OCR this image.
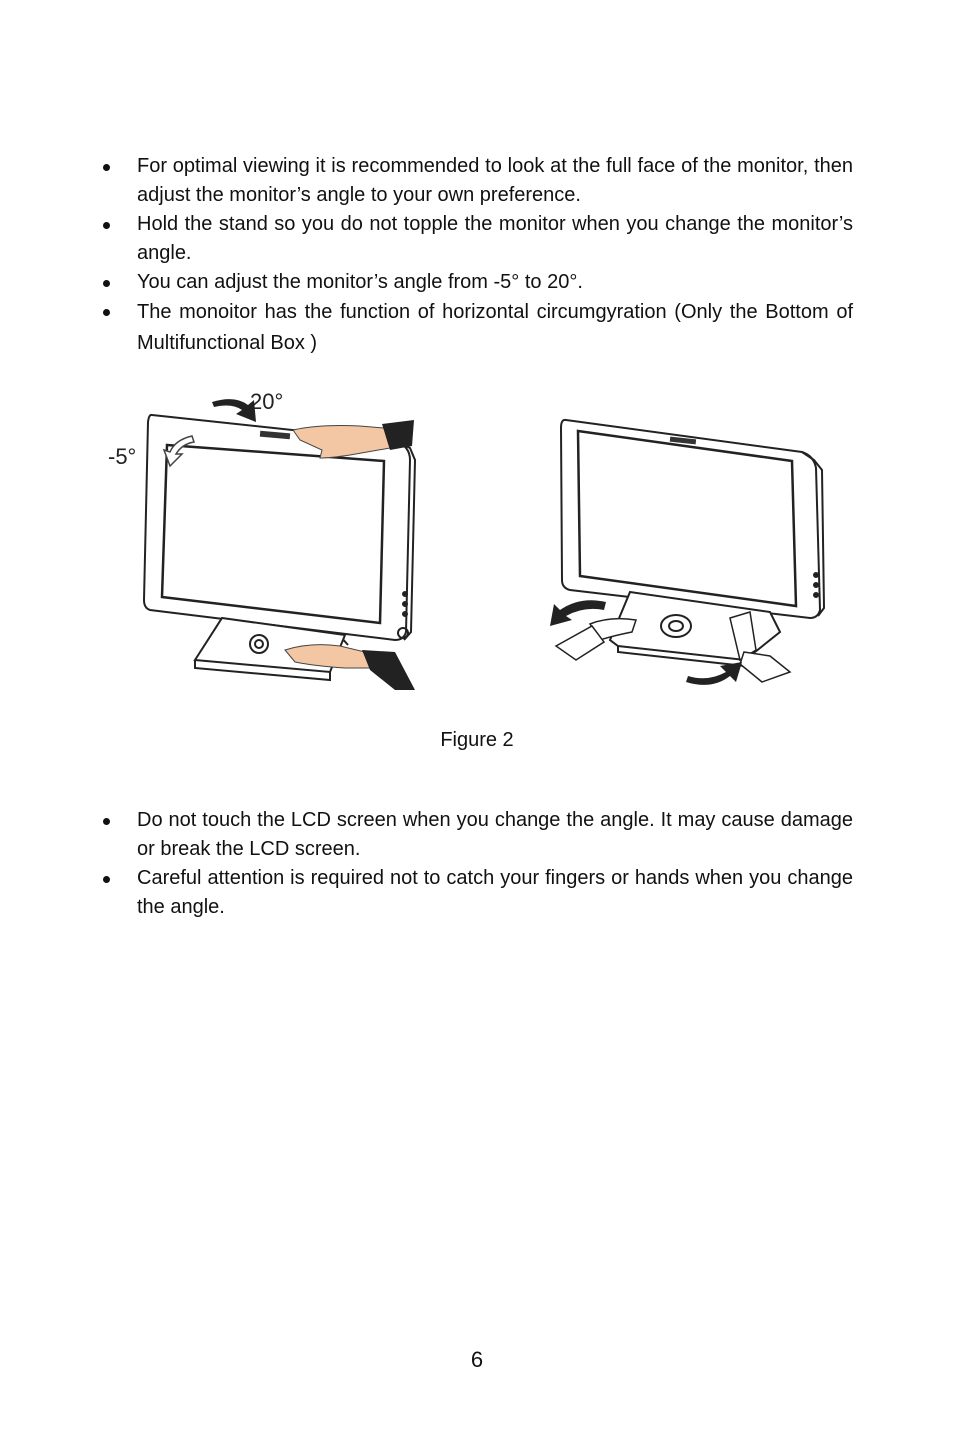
For optimal viewing it is recommended to look at the full face of the monitor, then adjust the monitor’s angle to your own preference.
Hold the stand so you do not topple the monitor when you change the monitor’s angle.
You can adjust the monitor’s angle from -5° to 20°.
The monoitor has the function of horizontal circumgyration (Only the Bottom of Multifunctional Box )
20°
-5°
Figure 2
Do not touch the LCD screen when you change the angle. It may cause damage or break the LCD screen.
Careful attention is required not to catch your fingers or hands when you change the angle.
6
